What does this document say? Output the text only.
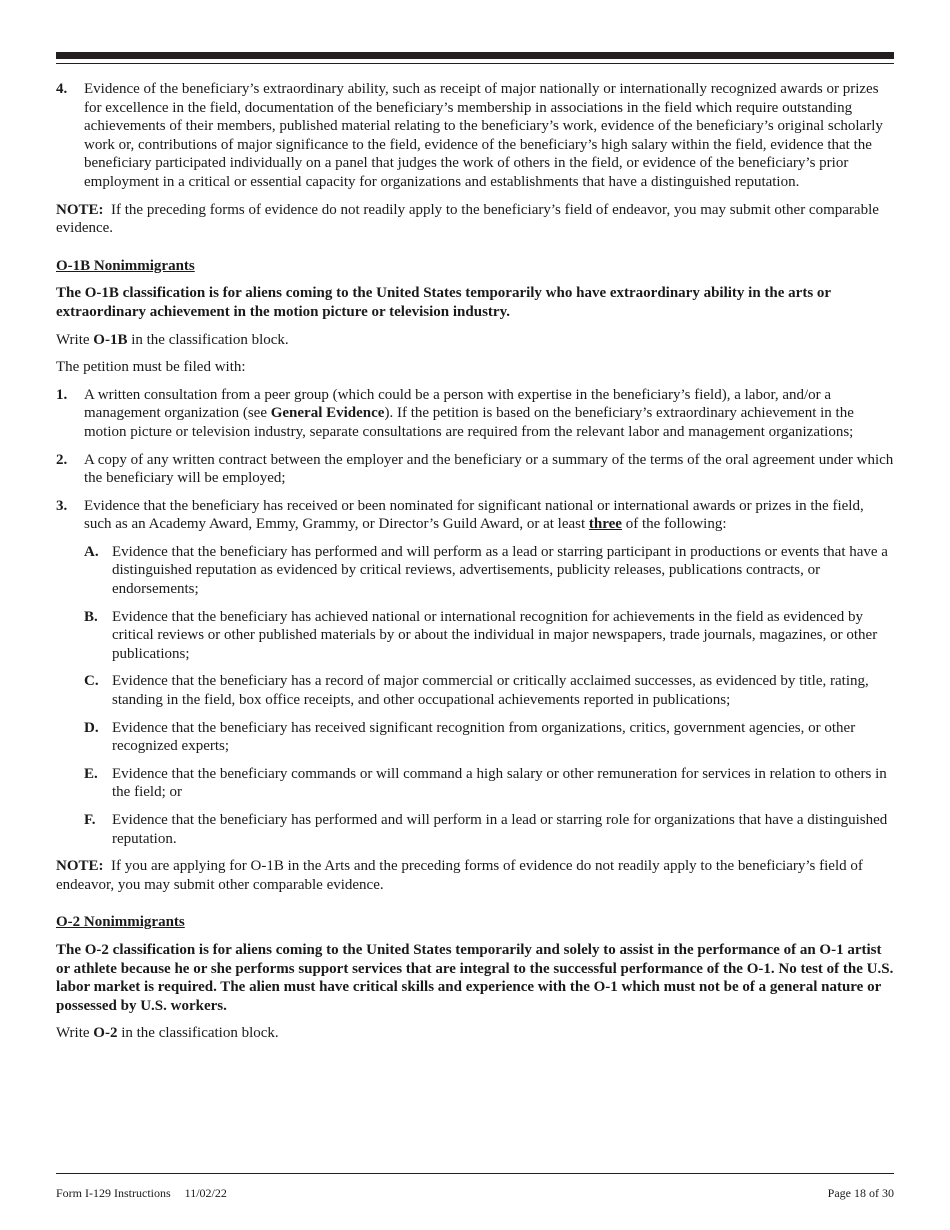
4.	Evidence of the beneficiary’s extraordinary ability, such as receipt of major nationally or internationally recognized awards or prizes for excellence in the field, documentation of the beneficiary’s membership in associations in the field which require outstanding achievements of their members, published material relating to the beneficiary’s work, evidence of the beneficiary’s original scholarly work or, contributions of major significance to the field, evidence of the beneficiary’s high salary within the field, evidence that the beneficiary participated individually on a panel that judges the work of others in the field, or evidence of the beneficiary’s prior employment in a critical or essential capacity for organizations and establishments that have a distinguished reputation.

NOTE: If the preceding forms of evidence do not readily apply to the beneficiary’s field of endeavor, you may submit other comparable evidence.

O-1B Nonimmigrants

The O-1B classification is for aliens coming to the United States temporarily who have extraordinary ability in the arts or extraordinary achievement in the motion picture or television industry.

Write O-1B in the classification block.

The petition must be filed with:

1.	A written consultation from a peer group (which could be a person with expertise in the beneficiary’s field), a labor, and/or a management organization (see General Evidence). If the petition is based on the beneficiary’s extraordinary achievement in the motion picture or television industry, separate consultations are required from the relevant labor and management organizations;
2.	A copy of any written contract between the employer and the beneficiary or a summary of the terms of the oral agreement under which the beneficiary will be employed;
3.	Evidence that the beneficiary has received or been nominated for significant national or international awards or prizes in the field, such as an Academy Award, Emmy, Grammy, or Director’s Guild Award, or at least three of the following:
A. Evidence that the beneficiary has performed and will perform as a lead or starring participant in productions or events that have a distinguished reputation as evidenced by critical reviews, advertisements, publicity releases, publications contracts, or endorsements;
B. Evidence that the beneficiary has achieved national or international recognition for achievements in the field as evidenced by critical reviews or other published materials by or about the individual in major newspapers, trade journals, magazines, or other publications;
C. Evidence that the beneficiary has a record of major commercial or critically acclaimed successes, as evidenced by title, rating, standing in the field, box office receipts, and other occupational achievements reported in publications;
D. Evidence that the beneficiary has received significant recognition from organizations, critics, government agencies, or other recognized experts;
E. Evidence that the beneficiary commands or will command a high salary or other remuneration for services in relation to others in the field; or
F.	Evidence that the beneficiary has performed and will perform in a lead or starring role for organizations that have a distinguished reputation.

NOTE: If you are applying for O-1B in the Arts and the preceding forms of evidence do not readily apply to the beneficiary’s field of endeavor, you may submit other comparable evidence.

O-2 Nonimmigrants

The O-2 classification is for aliens coming to the United States temporarily and solely to assist in the performance of an O-1 artist or athlete because he or she performs support services that are integral to the successful performance of the O-1. No test of the U.S. labor market is required. The alien must have critical skills and experience with the O-1 which must not be of a general nature or possessed by U.S. workers.

Write O-2 in the classification block.

Form I-129 Instructions 11/02/22	Page 18 of 30
